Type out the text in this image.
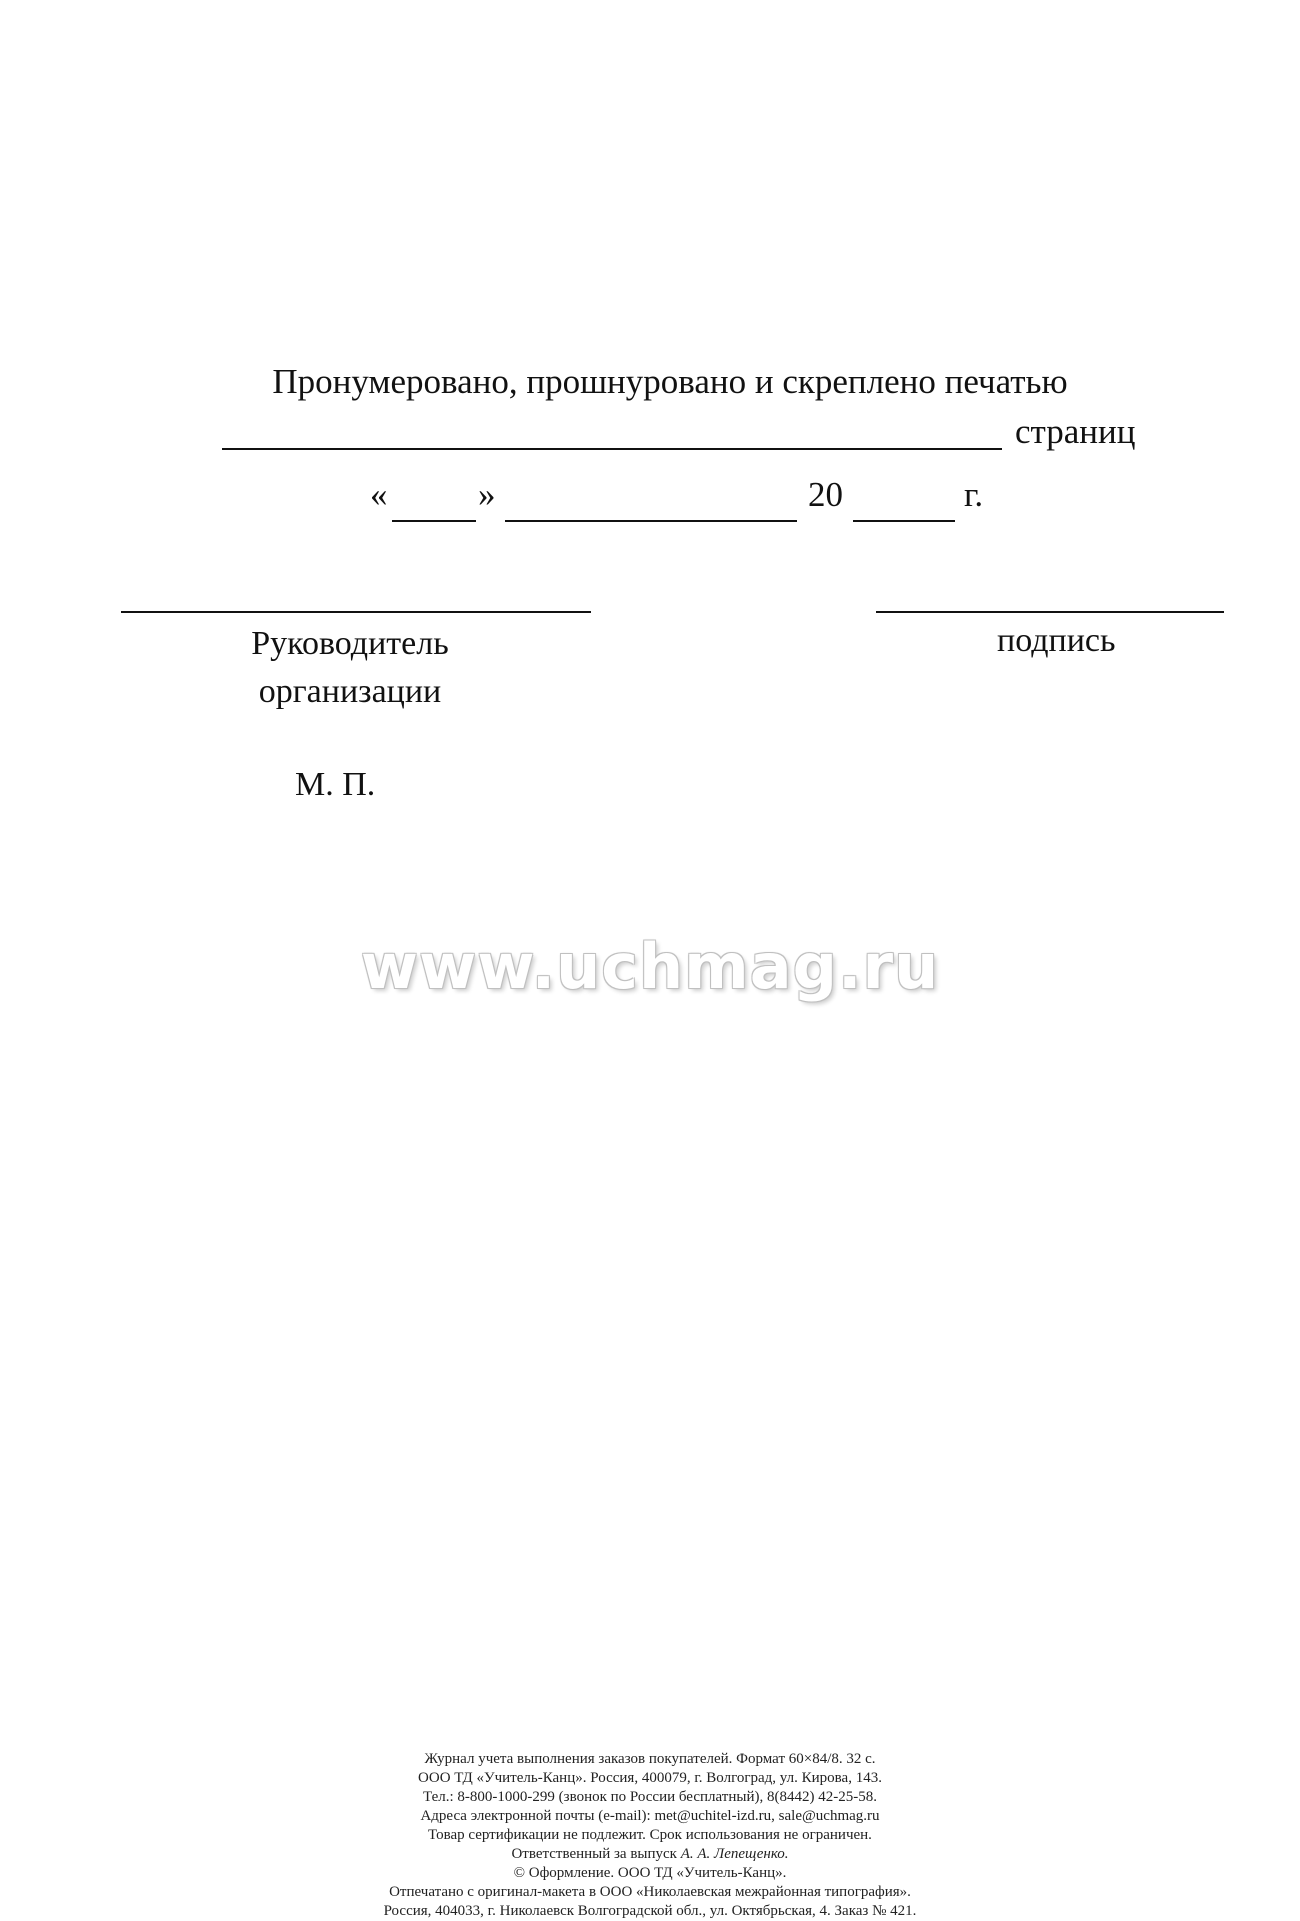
Пронумеровано, прошнуровано и скреплено печатью
страниц
«	»	20	г.
Руководитель организации
подпись
М. П.
www.uchmag.ru
Журнал учета выполнения заказов покупателей. Формат 60×84/8. 32 с.
ООО ТД «Учитель-Канц». Россия, 400079, г. Волгоград, ул. Кирова, 143.
Тел.: 8-800-1000-299 (звонок по России бесплатный), 8(8442) 42-25-58.
Адреса электронной почты (e-mail): met@uchitel-izd.ru, sale@uchmag.ru
Товар сертификации не подлежит. Срок использования не ограничен.
Ответственный за выпуск А. А. Лепещенко.
© Оформление. ООО ТД «Учитель-Канц».
Отпечатано с оригинал-макета в ООО «Николаевская межрайонная типография».
Россия, 404033, г. Николаевск Волгоградской обл., ул. Октябрьская, 4. Заказ № 421.
